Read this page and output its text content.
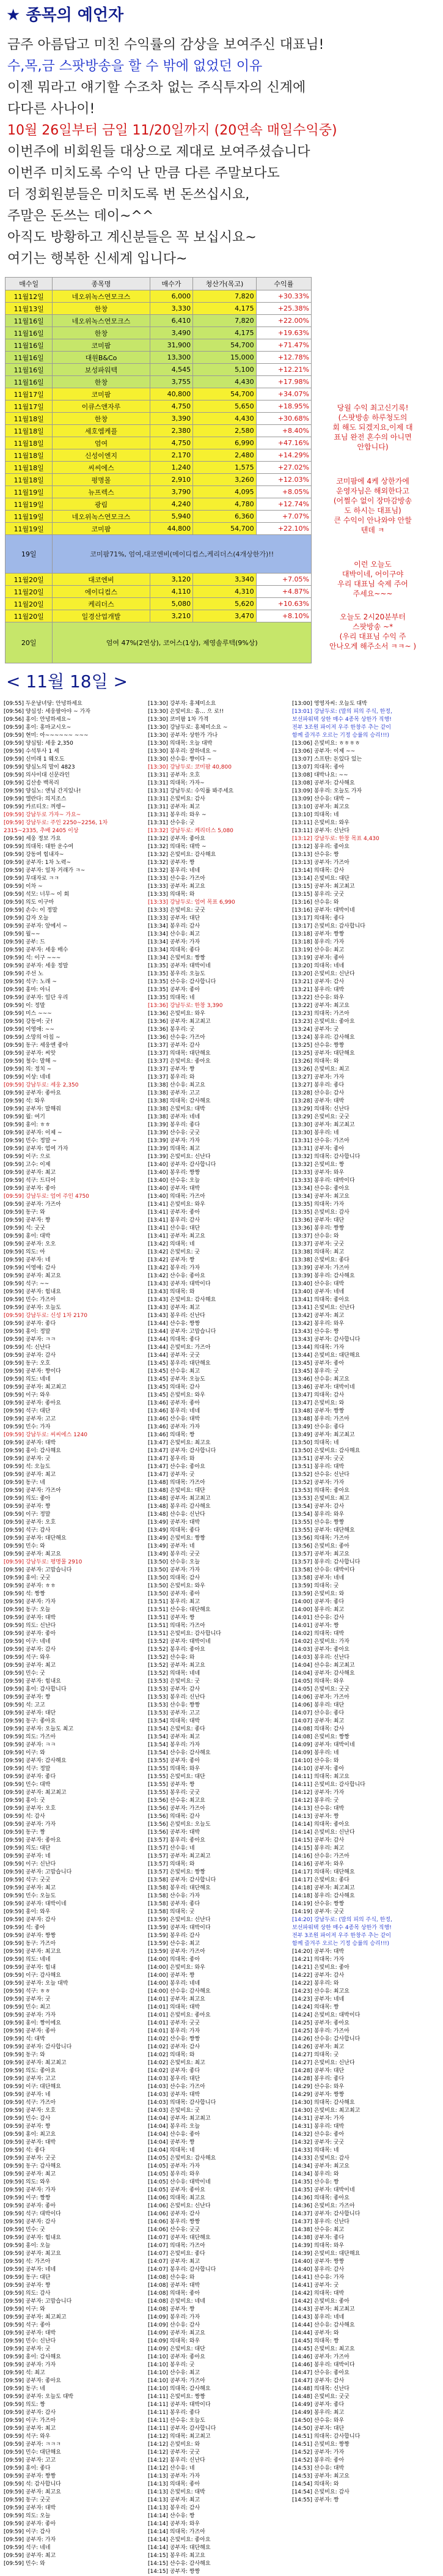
★ 종목의 예언자
금주 아름답고 미친 수익률의 감상을 보여주신 대표님!
수,목,금 스팟방송을 할 수 밖에 없었던 이유
이젠 뭐라고 얘기할 수조차 없는 주식투자의 신계에
다다른 사나이!
10월 26일부터 금일 11/20일까지 (20연속 매일수익중)
이번주에 비회원들 대상으로 제대로 보여주셨습니다
이번주 미치도록 수익 난 만큼 다른 주말보다도
더 정회원분들은 미치도록 번 돈쓰십시요,
주말은 돈쓰는 데이~^^
아직도 방황하고 계신분들은 꼭 보십시요~
여기는 행복한 신세계 입니다~
매수일	종목명	매수가	청산가(목고)	수익률
11월12일	네오위녹스연모크스	6,000	7,820	+30.33%
11월13일	한창	3,330	4,175	+25.38%
11월16일	네오위녹스연모크스	6,410	7,820	+22.00%
11월16일	한창	3,490	4,175	+19.63%
11월16일	코미팜	31,900	54,700	+71.47%
11월16일	대원B&Co	13,300	15,000	+12.78%
11월16일	보성파워텍	4,545	5,100	+12.21%
11월16일	한창	3,755	4,430	+17.98%
11월17일	코미팜	40,800	54,700	+34.07%
11월17일	이큐스앤자루	4,750	5,650	+18.95%
11월18일	한창	3,390	4,430	+30.68%
11월18일	세호엠케플	2,380	2,580	+8.40%
11월18일	엄여	4,750	6,990	+47.16%
11월18일	신성이엔지	2,170	2,480	+14.29%
11월18일	씨씨에스	1,240	1,575	+27.02%
11월18일	평명몰	2,910	3,260	+12.03%
11월19일	뉴프렉스	3,790	4,095	+8.05%
11월19일	광림	4,240	4,780	+12.74%
11월19일	네오위녹스연모크스	5,940	6,360	+7.07%
11월19일	코미팜	44,800	54,700	+22.10%
19일	코미팜71%, 엄여,대코엔비(메이디컴스,케리더스(4개상한가)!!			
11월20일	대코엔비	3,120	3,340	+7.05%
11월20일	에이디컴스	4,110	4,310	+4.87%
11월20일	케리더스	5,080	5,620	+10.63%
11월20일	일경산업개발	3,210	3,470	+8.10%
20일	엄여 47%(2연상), 코어스(1상), 제영솔루텍(9%상)			

당월 수익 최고신기록!

(스팟방송 하루청도의

회 해도 되겠지요,이제 대

표님 완전 혼수의 아니면

안합니다)

코미팜에 4케 상한가에

운영자님은 해외한다고

(어쩔수 없이 장마감방송

도 하시는 대표님)

큰 수익이 안나와야 안할

텐데 ㅋ

이런 오늘도

대박이네, 어이구야

우리 대표님 숙제 주어

주세요~~~

오늘도 2시20분부터

스팟방송 ~*

(우리 대표님 수익 주

안나오게 해주소서 ㅋㅋ~ )

< 11월 18일 >
[09:55] 두운남녀당: 안녕하세요
[09:56] 양심성: 세웅팔아야 ~ 가자
[09:56] 홍이: 안녕하세요~
[09:59] 홍이: 홍마교시오~
[09:59] 현미: 아~~~~~~ ~~~
[09:59] 양심팀: 세웅 2,350
[09:59] 수석투사 1 세
[09:59] 신미래 1 웨오도
[09:59] 양심노의 말이 4823
[09:59] 의사이대 신문라인
[09:59] 김산송 백목리
[09:59] 양심노: 앤님 간지있나!
[09:59] 엘란다: 의지조스
[09:59] 카르티오: 꺼렝~
[09:59] 강남두로 가자~ 가요~
[09:59] 강남두로: 주인 2250~2256, 1차
2315~2335, 추배 2405 이상
[09:59] 세웅 정보 가요
[09:59] 의대목: 대한 운수여
[09:59] 강동여 힘내자~
[09:59] 공부자: 1차 노력~
[09:59] 공부자: 일차 거래가 ㅋ~
[09:59] 무대자로 ㅋㅋ
[09:59] 이차 ~
[09:59] 석모: 너무~ 이 회
[09:59] 의도 이구마
[09:59] 손수: 이 정말
[09:59] 감자 오늘
[09:59] 공부자: 앞에서 ~
[09:59] 월~~
[09:59] 공부: 드
[09:59] 공부자: 세웅 매수
[09:59] 석: 이구 ~~~
[09:59] 공부자: 세웅 정말
[09:59] 주선 노
[09:59] 석구: 노래 ~
[09:59] 홍마: 아니
[09:59] 공부자: 일단 우리
[09:59] 이: 정말
[09:59] 미스 ~~~
[09:59] 강동여: 굿!
[09:59] 이영애: ~~
[09:59] 소망의 아침 ~
[09:59] 동구: 세웅엔 좋아
[09:59] 공부자: 씨앗
[09:59] 철수: 말해 ~
[09:59] 의: 정치 ~
[09:59] 이상: 네네
[09:59] 강남두로: 세웅 2,350
[09:59] 공부자: 좋아요
[09:59] 석: 와우
[09:59] 공부자: 말해줘
[09:59] 월: 여기
[09:59] 홍이: ㅎㅎ
[09:59] 공부자: 이제 ~
[09:59] 민수: 정말 ~
[09:59] 공부자: 엄여 가자
[09:59] 이구: 으로
[09:59] 고수: 이제
[09:59] 공부자: 최고
[09:59] 석구: 드디어
[09:59] 공부자: 좋아
[09:59] 강남두로: 엄여 주인 4750
[09:59] 공부자: 가즈아
[09:59] 동구: 와
[09:59] 공부자: 짱
[09:59] 석: 굿굿
[09:59] 홍이: 대박
[09:59] 공부자: 오오
[09:59] 의도: 아
[09:59] 공부자: 네
[09:59] 이영애: 감사
[09:59] 공부자: 최고요
[09:59] 석구: ~~
[09:59] 공부자: 힘내요
[09:59] 민수: 가즈아
[09:59] 공부자: 오늘도
[09:59] 강남두로: 신성 1차 2170
[09:59] 공부자: 좋다
[09:59] 홍이: 정말
[09:59] 공부자: ㅋㅋ
[09:59] 석: 신난다
[09:59] 공부자: 감사
[09:59] 동구: 오호
[09:59] 공부자: 짱이다
[09:59] 의도: 네네
[09:59] 공부자: 최고최고
[09:59] 이구: 와우
[09:59] 공부자: 좋아요
[09:59] 석구: 대단
[09:59] 공부자: 고고
[09:59] 민수: 가자
[09:59] 강남두로: 씨씨에스 1240
[09:59] 공부자: 대박
[09:59] 홍이: 감사해요
[09:59] 공부자: 굿
[09:59] 석: 오늘도
[09:59] 공부자: 최고
[09:59] 동구: 네
[09:59] 공부자: 가즈아
[09:59] 의도: 좋아
[09:59] 공부자: 짱
[09:59] 이구: 정말
[09:59] 공부자: 오호
[09:59] 석구: 감사
[09:59] 공부자: 대단해요
[09:59] 민수: 와
[09:59] 공부자: 최고요
[09:59] 강남두로: 평명몰 2910
[09:59] 공부자: 고맙습니다
[09:59] 홍이: 굿굿
[09:59] 공부자: ㅎㅎ
[09:59] 석: 짱짱
[09:59] 공부자: 가자
[09:59] 동구: 오늘
[09:59] 공부자: 대박
[09:59] 의도: 신난다
[09:59] 공부자: 좋아
[09:59] 이구: 네네
[09:59] 공부자: 감사
[09:59] 석구: 와우
[09:59] 공부자: 최고
[09:59] 민수: 굿
[09:59] 공부자: 힘내요
[09:59] 홍이: 감사합니다
[09:59] 공부자: 짱
[09:59] 석: 고고
[09:59] 공부자: 대단
[09:59] 동구: 좋아요
[09:59] 공부자: 오늘도 최고
[09:59] 의도: 가즈아
[09:59] 공부자: ㅋㅋ
[09:59] 이구: 와
[09:59] 공부자: 감사해요
[09:59] 석구: 정말
[09:59] 공부자: 좋다
[09:59] 민수: 대박
[09:59] 공부자: 최고최고
[09:59] 홍이: 굿
[09:59] 공부자: 오호
[09:59] 석: 감사
[09:59] 공부자: 가자
[09:59] 동구: 짱
[09:59] 공부자: 좋아요
[09:59] 의도: 대단
[09:59] 공부자: 네
[09:59] 이구: 신난다
[09:59] 공부자: 고맙습니다
[09:59] 석구: 굿굿
[09:59] 공부자: 최고
[09:59] 민수: 오늘도
[09:59] 공부자: 대박이네
[09:59] 홍이: 와우
[09:59] 공부자: 감사
[09:59] 석: 좋아
[09:59] 공부자: 짱짱
[09:59] 동구: 가즈아
[09:59] 공부자: 최고요
[09:59] 의도: 네네
[09:59] 공부자: 힘내
[09:59] 이구: 감사해요
[09:59] 공부자: 오늘 대박
[09:59] 석구: ㅎㅎ
[09:59] 공부자: 굿
[09:59] 민수: 최고
[09:59] 공부자: 가자
[09:59] 홍이: 짱이에요
[09:59] 공부자: 좋아
[09:59] 석: 대박
[09:59] 공부자: 감사합니다
[09:59] 동구: 와
[09:59] 공부자: 최고최고
[09:59] 의도: 좋아요
[09:59] 공부자: 고고
[09:59] 이구: 대단해요
[09:59] 공부자: 네
[09:59] 석구: 가즈아
[09:59] 공부자: 오호
[09:59] 민수: 감사
[09:59] 공부자: 짱
[09:59] 홍이: 최고요
[09:59] 공부자: 대박
[09:59] 석: 좋다
[09:59] 공부자: 굿굿
[09:59] 동구: 감사해요
[09:59] 공부자: 최고
[09:59] 의도: 와우
[09:59] 공부자: 가자
[09:59] 이구: 짱짱
[09:59] 공부자: 좋아
[09:59] 석구: 대박이다
[09:59] 공부자: 감사
[09:59] 민수: 굿
[09:59] 공부자: 힘내요
[09:59] 홍이: 오늘
[09:59] 공부자: 최고요
[09:59] 석: 가즈아
[09:59] 공부자: 네네
[09:59] 동구: 대단
[09:59] 공부자: 짱
[09:59] 의도: 감사
[09:59] 공부자: 고맙습니다
[09:59] 이구: 와
[09:59] 공부자: 최고최고
[09:59] 석구: 좋아
[09:59] 공부자: 대박
[09:59] 민수: 신난다
[09:59] 공부자: 굿
[09:59] 홍이: 감사해요
[09:59] 공부자: 가자
[09:59] 석: 최고
[09:59] 공부자: 좋아요
[09:59] 동구: 네
[09:59] 공부자: 오늘도 대박
[09:59] 의도: 짱
[09:59] 공부자: 감사
[09:59] 이구: 가즈아
[09:59] 공부자: 최고
[09:59] 석구: 와우
[09:59] 공부자: ㅋㅋㅋ
[09:59] 민수: 대단해요
[09:59] 공부자: 고고
[09:59] 홍이: 좋다
[09:59] 공부자: 짱짱
[09:59] 석: 감사합니다
[09:59] 공부자: 최고요
[09:59] 동구: 굿굿
[09:59] 공부자: 대박
[09:59] 의도: 오늘
[09:59] 공부자: 좋아
[09:59] 이구: 감사
[09:59] 공부자: 가자
[09:59] 석구: 네네
[09:59] 공부자: 최고
[09:59] 민수: 와
[13:30] 강부자: 홍체미소요
[13:30] 은빛비요: 흠... 으 로!!
[13:30] 코미팜 1차 가격
[13:30] 강남두로: 홍체미소요 ~
[13:30] 공부자: 상한가 가나
[13:30] 의대목: 오늘 대박
[13:30] 봉우리: 잘하네요 ~
[13:30] 산수유: 짱이다 ~
[13:30] 강남두로: 코미팜 40,800
[13:31] 공부자: 오호
[13:31] 의대목: 가자~
[13:31] 강남두로: 수익률 봐주세요
[13:31] 은빛비요: 감사
[13:31] 공부자: 최고
[13:31] 봉우리: 와우 ~
[13:31] 산수유: 굿
[13:32] 강남두로: 케리더스 5,080
[13:32] 공부자: 좋아요
[13:32] 의대목: 대박 ~
[13:32] 은빛비요: 감사해요
[13:32] 공부자: 짱
[13:32] 봉우리: 네네
[13:33] 산수유: 가즈아
[13:33] 공부자: 최고요
[13:33] 의대목: 와
[13:33] 강남두로: 엄여 목표 6,990
[13:33] 은빛비요: 굿굿
[13:33] 공부자: 대단
[13:34] 봉우리: 감사
[13:34] 산수유: 최고
[13:34] 공부자: 가자
[13:34] 의대목: 좋다
[13:34] 은빛비요: 짱짱
[13:35] 공부자: 대박이네
[13:35] 봉우리: 오늘도
[13:35] 산수유: 감사합니다
[13:35] 공부자: 좋아
[13:35] 의대목: 네
[13:36] 강남두로: 한창 3,390
[13:36] 은빛비요: 와우
[13:36] 공부자: 최고최고
[13:36] 봉우리: 굿
[13:36] 산수유: 가즈아
[13:37] 공부자: 감사
[13:37] 의대목: 대단해요
[13:37] 은빛비요: 좋아요
[13:37] 공부자: 짱
[13:37] 봉우리: 와
[13:38] 산수유: 최고요
[13:38] 공부자: 고고
[13:38] 의대목: 감사해요
[13:38] 은빛비요: 대박
[13:38] 공부자: 네네
[13:39] 봉우리: 좋다
[13:39] 산수유: 굿굿
[13:39] 공부자: 가자
[13:39] 의대목: 최고
[13:39] 은빛비요: 신난다
[13:40] 공부자: 감사합니다
[13:40] 봉우리: 짱짱
[13:40] 산수유: 오늘
[13:40] 공부자: 대박
[13:40] 의대목: 가즈아
[13:41] 은빛비요: 와우
[13:41] 공부자: 좋아
[13:41] 봉우리: 감사
[13:41] 산수유: 대단
[13:41] 공부자: 최고요
[13:42] 의대목: 네
[13:42] 은빛비요: 굿
[13:42] 공부자: 짱
[13:42] 봉우리: 가자
[13:42] 산수유: 좋아요
[13:43] 공부자: 대박이다
[13:43] 의대목: 와
[13:43] 은빛비요: 감사해요
[13:43] 공부자: 최고
[13:43] 봉우리: 신난다
[13:44] 산수유: 짱짱
[13:44] 공부자: 고맙습니다
[13:44] 의대목: 좋다
[13:44] 은빛비요: 가즈아
[13:44] 공부자: 굿굿
[13:45] 봉우리: 대단해요
[13:45] 산수유: 최고
[13:45] 공부자: 오늘도
[13:45] 의대목: 감사
[13:45] 은빛비요: 와우
[13:46] 공부자: 좋아
[13:46] 봉우리: 네네
[13:46] 산수유: 대박
[13:46] 공부자: 가자
[13:46] 의대목: 짱
[13:47] 은빛비요: 최고요
[13:47] 공부자: 감사합니다
[13:47] 봉우리: 와
[13:47] 산수유: 좋아요
[13:47] 공부자: 굿
[13:48] 의대목: 가즈아
[13:48] 은빛비요: 대단
[13:48] 공부자: 최고최고
[13:48] 봉우리: 감사해요
[13:48] 산수유: 신난다
[13:49] 공부자: 대박
[13:49] 의대목: 좋다
[13:49] 은빛비요: 짱짱
[13:49] 공부자: 네
[13:49] 봉우리: 굿굿
[13:50] 산수유: 오늘
[13:50] 공부자: 가자
[13:50] 의대목: 감사
[13:50] 은빛비요: 와우
[13:50] 공부자: 좋아
[13:51] 봉우리: 최고
[13:51] 산수유: 대단해요
[13:51] 공부자: 짱
[13:51] 의대목: 가즈아
[13:51] 은빛비요: 감사합니다
[13:52] 공부자: 대박이네
[13:52] 봉우리: 좋아요
[13:52] 산수유: 와
[13:52] 공부자: 최고요
[13:52] 의대목: 네네
[13:53] 은빛비요: 굿
[13:53] 공부자: 감사
[13:53] 봉우리: 신난다
[13:53] 산수유: 짱짱
[13:53] 공부자: 고고
[13:54] 의대목: 대박
[13:54] 은빛비요: 좋다
[13:54] 공부자: 최고
[13:54] 봉우리: 가자
[13:54] 산수유: 감사해요
[13:55] 공부자: 좋아
[13:55] 의대목: 와우
[13:55] 은빛비요: 대단
[13:55] 공부자: 짱
[13:55] 봉우리: 굿굿
[13:56] 산수유: 최고요
[13:56] 공부자: 가즈아
[13:56] 의대목: 감사
[13:56] 은빛비요: 오늘도
[13:56] 공부자: 대박
[13:57] 봉우리: 좋아요
[13:57] 산수유: 네
[13:57] 공부자: 최고최고
[13:57] 의대목: 와
[13:57] 은빛비요: 짱짱
[13:58] 공부자: 감사합니다
[13:58] 봉우리: 대단해요
[13:58] 산수유: 가자
[13:58] 공부자: 좋다
[13:58] 의대목: 굿
[13:59] 은빛비요: 신난다
[13:59] 공부자: 대박이다
[13:59] 봉우리: 감사
[13:59] 산수유: 최고
[13:59] 공부자: 가즈아
[14:00] 의대목: 좋아
[14:00] 은빛비요: 와우
[14:00] 공부자: 짱
[14:00] 봉우리: 네네
[14:00] 산수유: 감사해요
[14:01] 공부자: 최고요
[14:01] 의대목: 대박
[14:01] 은빛비요: 좋아요
[14:01] 공부자: 굿굿
[14:01] 봉우리: 가자
[14:02] 산수유: 짱짱
[14:02] 공부자: 감사
[14:02] 의대목: 와
[14:02] 은빛비요: 최고
[14:02] 공부자: 좋다
[14:03] 봉우리: 대단
[14:03] 산수유: 가즈아
[14:03] 공부자: 대박
[14:03] 의대목: 감사합니다
[14:03] 은빛비요: 굿
[14:04] 공부자: 최고최고
[14:04] 봉우리: 오늘
[14:04] 산수유: 좋아
[14:04] 공부자: 짱
[14:04] 의대목: 네
[14:05] 은빛비요: 감사해요
[14:05] 공부자: 가자
[14:05] 봉우리: 와우
[14:05] 산수유: 대박이네
[14:05] 공부자: 좋아요
[14:06] 의대목: 최고요
[14:06] 은빛비요: 신난다
[14:06] 공부자: 감사
[14:06] 봉우리: 짱짱
[14:06] 산수유: 굿굿
[14:07] 공부자: 대단해요
[14:07] 의대목: 가즈아
[14:07] 은빛비요: 좋다
[14:07] 공부자: 최고
[14:07] 봉우리: 감사합니다
[14:08] 산수유: 와
[14:08] 공부자: 대박
[14:08] 의대목: 좋아
[14:08] 은빛비요: 네네
[14:08] 공부자: 짱
[14:09] 봉우리: 가자
[14:09] 산수유: 감사
[14:09] 공부자: 최고요
[14:09] 의대목: 와우
[14:09] 은빛비요: 대단
[14:10] 공부자: 좋아요
[14:10] 봉우리: 굿
[14:10] 산수유: 최고
[14:10] 공부자: 가즈아
[14:10] 의대목: 감사해요
[14:11] 은빛비요: 짱짱
[14:11] 공부자: 대박이다
[14:11] 봉우리: 좋다
[14:11] 산수유: 오늘도
[14:11] 공부자: 감사합니다
[14:12] 의대목: 최고최고
[14:12] 은빛비요: 와
[14:12] 공부자: 굿굿
[14:12] 봉우리: 신난다
[14:12] 산수유: 네
[14:13] 공부자: 가자
[14:13] 의대목: 좋아
[14:13] 은빛비요: 대박
[14:13] 공부자: 최고
[14:13] 봉우리: 감사
[14:14] 산수유: 짱
[14:14] 공부자: 와우
[14:14] 의대목: 가즈아
[14:14] 은빛비요: 좋아요
[14:14] 공부자: 대단해요
[14:15] 봉우리: 최고요
[14:15] 산수유: 감사해요
[14:15] 공부자: 짱짱
[13:00] 영영자씨: 오늘도 대박
[13:01] 강남두로: (말의 피의 주식, 한정,
보선파워텍 상한 매수 4종목 상한가 직행!
전부 3조원 파이저 우주 한창주 추는 같이
함께 즐겨주 오르는 기정 승률의 승리!!!)
[13:06] 은빛비요: ㅎㅎㅎㅎ
[13:06] 공부자: 이제 ~~
[13:07] 스프탄: 돈있다 있는
[13:07] 의대목: 좋아
[13:08] 대박나요: ~~
[13:08] 공부자: 감사해요
[13:09] 봉우리: 오늘도 가자
[13:09] 산수유: 대박 ~
[13:10] 공부자: 최고요
[13:10] 의대목: 네
[13:11] 은빛비요: 와우
[13:11] 공부자: 신난다
[13:12] 강남두로: 한창 목표 4,430
[13:12] 봉우리: 좋아요
[13:13] 산수유: 짱
[13:13] 공부자: 가즈아
[13:14] 의대목: 감사
[13:14] 은빛비요: 대단
[13:15] 공부자: 최고최고
[13:15] 봉우리: 굿굿
[13:16] 산수유: 와
[13:16] 공부자: 대박이네
[13:17] 의대목: 좋다
[13:17] 은빛비요: 감사합니다
[13:18] 공부자: 짱짱
[13:18] 봉우리: 가자
[13:19] 산수유: 최고
[13:19] 공부자: 좋아
[13:20] 의대목: 네네
[13:20] 은빛비요: 신난다
[13:21] 공부자: 감사
[13:21] 봉우리: 대박
[13:22] 산수유: 와우
[13:22] 공부자: 최고요
[13:23] 의대목: 가즈아
[13:23] 은빛비요: 좋아요
[13:24] 공부자: 굿
[13:24] 봉우리: 감사해요
[13:25] 산수유: 짱짱
[13:25] 공부자: 대단해요
[13:26] 의대목: 와
[13:26] 은빛비요: 최고
[13:27] 공부자: 가자
[13:27] 봉우리: 좋다
[13:28] 산수유: 감사
[13:28] 공부자: 대박
[13:29] 의대목: 신난다
[13:29] 은빛비요: 굿굿
[13:30] 공부자: 최고최고
[13:30] 봉우리: 네
[13:31] 산수유: 가즈아
[13:31] 공부자: 좋아
[13:32] 의대목: 감사합니다
[13:32] 은빛비요: 짱
[13:33] 공부자: 와우
[13:33] 봉우리: 대박이다
[13:34] 산수유: 좋아요
[13:34] 공부자: 최고요
[13:35] 의대목: 가자
[13:35] 은빛비요: 감사
[13:36] 공부자: 대단
[13:36] 봉우리: 짱짱
[13:37] 산수유: 와
[13:37] 공부자: 굿굿
[13:38] 의대목: 최고
[13:38] 은빛비요: 좋다
[13:39] 공부자: 가즈아
[13:39] 봉우리: 감사해요
[13:40] 산수유: 대박
[13:40] 공부자: 네네
[13:41] 의대목: 좋아요
[13:41] 은빛비요: 신난다
[13:42] 공부자: 최고
[13:42] 봉우리: 와우
[13:43] 산수유: 짱
[13:43] 공부자: 감사합니다
[13:44] 의대목: 가자
[13:44] 은빛비요: 대단해요
[13:45] 공부자: 좋아
[13:45] 봉우리: 굿
[13:46] 산수유: 최고요
[13:46] 공부자: 대박이네
[13:47] 의대목: 감사
[13:47] 은빛비요: 와
[13:48] 공부자: 짱짱
[13:48] 봉우리: 가즈아
[13:49] 산수유: 좋다
[13:49] 공부자: 최고최고
[13:50] 의대목: 네
[13:50] 은빛비요: 감사해요
[13:51] 공부자: 굿굿
[13:51] 봉우리: 대박
[13:52] 산수유: 신난다
[13:52] 공부자: 가자
[13:53] 의대목: 좋아요
[13:53] 은빛비요: 최고
[13:54] 공부자: 감사
[13:54] 봉우리: 와우
[13:55] 산수유: 짱짱
[13:55] 공부자: 대단해요
[13:56] 의대목: 가즈아
[13:56] 은빛비요: 좋아
[13:57] 공부자: 최고요
[13:57] 봉우리: 감사합니다
[13:58] 산수유: 대박이다
[13:58] 공부자: 네네
[13:59] 의대목: 굿
[13:59] 은빛비요: 와
[14:00] 공부자: 좋다
[14:00] 봉우리: 최고
[14:01] 산수유: 감사
[14:01] 공부자: 짱
[14:02] 의대목: 대박
[14:02] 은빛비요: 가자
[14:03] 공부자: 좋아요
[14:03] 봉우리: 신난다
[14:04] 산수유: 최고최고
[14:04] 공부자: 감사해요
[14:05] 의대목: 와우
[14:05] 은빛비요: 굿굿
[14:06] 공부자: 가즈아
[14:06] 봉우리: 대단
[14:07] 산수유: 좋다
[14:07] 공부자: 최고
[14:08] 의대목: 감사
[14:08] 은빛비요: 짱짱
[14:09] 공부자: 대박이네
[14:09] 봉우리: 네
[14:10] 산수유: 와
[14:10] 공부자: 좋아
[14:11] 의대목: 최고요
[14:11] 은빛비요: 감사합니다
[14:12] 공부자: 가자
[14:12] 봉우리: 굿
[14:13] 산수유: 대박
[14:13] 공부자: 짱
[14:14] 의대목: 좋아요
[14:14] 은빛비요: 신난다
[14:15] 공부자: 감사
[14:15] 봉우리: 최고
[14:16] 산수유: 가즈아
[14:16] 공부자: 와우
[14:17] 의대목: 대단해요
[14:17] 은빛비요: 좋다
[14:18] 공부자: 최고최고
[14:18] 봉우리: 감사해요
[14:19] 산수유: 짱짱
[14:19] 공부자: 굿굿
[14:20] 강남두로: (말의 피의 주식, 한정,
보선파워텍 상한 매수 4종목 상한가 직행!
전부 3조원 파이저 우주 한창주 추는 같이
함께 즐겨주 오르는 기정 승률의 승리!!!)
[14:20] 공부자: 대박
[14:21] 의대목: 가자
[14:21] 은빛비요: 좋아
[14:22] 공부자: 감사
[14:22] 봉우리: 와
[14:23] 산수유: 최고요
[14:23] 공부자: 네네
[14:24] 의대목: 짱
[14:24] 은빛비요: 대박이다
[14:25] 공부자: 좋아요
[14:25] 봉우리: 가즈아
[14:26] 산수유: 감사합니다
[14:26] 공부자: 최고
[14:27] 의대목: 굿
[14:27] 은빛비요: 신난다
[14:28] 공부자: 대단
[14:28] 봉우리: 좋다
[14:29] 산수유: 와우
[14:29] 공부자: 짱짱
[14:30] 의대목: 감사해요
[14:30] 은빛비요: 최고최고
[14:31] 공부자: 가자
[14:31] 봉우리: 대박
[14:32] 산수유: 좋아
[14:32] 공부자: 굿굿
[14:33] 의대목: 네
[14:33] 은빛비요: 감사
[14:34] 공부자: 최고요
[14:34] 봉우리: 와
[14:35] 산수유: 짱
[14:35] 공부자: 대박이네
[14:36] 의대목: 좋아요
[14:36] 은빛비요: 가즈아
[14:37] 공부자: 감사합니다
[14:37] 봉우리: 신난다
[14:38] 산수유: 최고
[14:38] 공부자: 좋다
[14:39] 의대목: 와우
[14:39] 은빛비요: 대단해요
[14:40] 공부자: 짱짱
[14:40] 봉우리: 감사
[14:41] 산수유: 가자
[14:41] 공부자: 굿
[14:42] 의대목: 대박
[14:42] 은빛비요: 좋아
[14:43] 공부자: 최고최고
[14:43] 봉우리: 네네
[14:44] 산수유: 감사해요
[14:44] 공부자: 와
[14:45] 의대목: 짱
[14:45] 은빛비요: 최고요
[14:46] 공부자: 가즈아
[14:46] 봉우리: 대박이다
[14:47] 산수유: 좋아요
[14:47] 공부자: 감사
[14:48] 의대목: 신난다
[14:48] 은빛비요: 굿굿
[14:49] 공부자: 좋다
[14:49] 봉우리: 최고
[14:50] 산수유: 와우
[14:50] 공부자: 대단
[14:51] 의대목: 감사합니다
[14:51] 은빛비요: 짱짱
[14:52] 공부자: 가자
[14:52] 봉우리: 좋아
[14:53] 산수유: 대박
[14:53] 공부자: 최고요
[14:54] 의대목: 와
[14:54] 은빛비요: 감사
[14:55] 공부자: 짱
